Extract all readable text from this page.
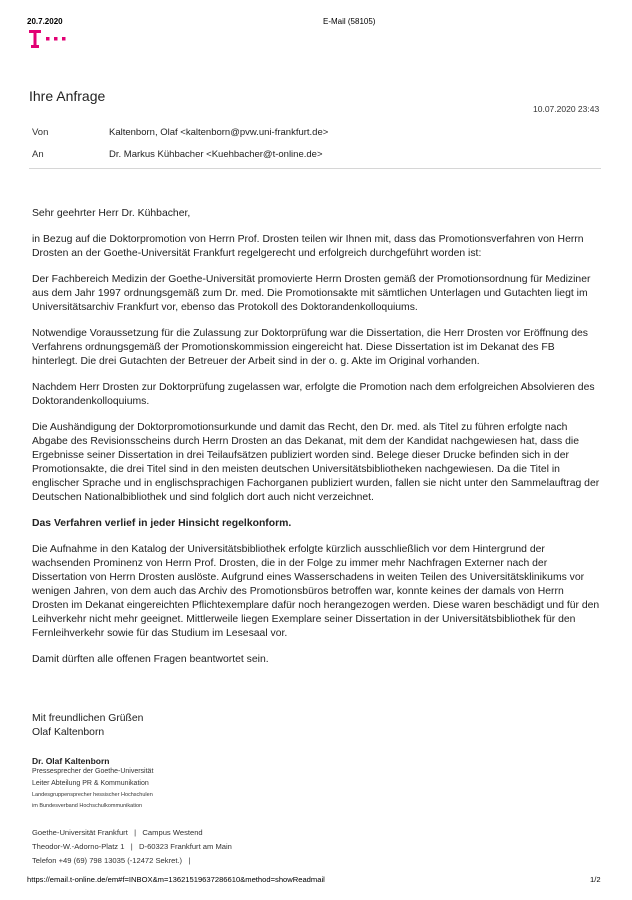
20.7.2020	E-Mail (58105)
Ihre Anfrage
10.07.2020 23:43
Von	Kaltenborn, Olaf <kaltenborn@pvw.uni-frankfurt.de>
An	Dr. Markus Kühbacher <Kuehbacher@t-online.de>

Sehr geehrter Herr Dr. Kühbacher,

in Bezug auf die Doktorpromotion von Herrn Prof. Drosten teilen wir Ihnen mit, dass das Promotionsverfahren von Herrn Drosten an der Goethe-Universität Frankfurt regelgerecht und erfolgreich durchgeführt worden ist:

Der Fachbereich Medizin der Goethe-Universität promovierte Herrn Drosten gemäß der Promotionsordnung für Mediziner aus dem Jahr 1997 ordnungsgemäß zum Dr. med. Die Promotionsakte mit sämtlichen Unterlagen und Gutachten liegt im Universitätsarchiv Frankfurt vor, ebenso das Protokoll des Doktorandenkolloquiums.

Notwendige Voraussetzung für die Zulassung zur Doktorprüfung war die Dissertation, die Herr Drosten vor Eröffnung des Verfahrens ordnungsgemäß der Promotionskommission eingereicht hat. Diese Dissertation ist im Dekanat des FB hinterlegt. Die drei Gutachten der Betreuer der Arbeit sind in der o. g. Akte im Original vorhanden.

Nachdem Herr Drosten zur Doktorprüfung zugelassen war, erfolgte die Promotion nach dem erfolgreichen Absolvieren des Doktorandenkolloquiums.

Die Aushändigung der Doktorpromotionsurkunde und damit das Recht, den Dr. med. als Titel zu führen erfolgte nach Abgabe des Revisionsscheins durch Herrn Drosten an das Dekanat, mit dem der Kandidat nachgewiesen hat, dass die Ergebnisse seiner Dissertation in drei Teilaufsätzen publiziert worden sind. Belege dieser Drucke befinden sich in der Promotionsakte, die drei Titel sind in den meisten deutschen Universitätsbibliotheken nachgewiesen. Da die Titel in englischer Sprache und in englischsprachigen Fachorganen publiziert wurden, fallen sie nicht unter den Sammelauftrag der Deutschen Nationalbibliothek und sind folglich dort auch nicht verzeichnet.

Das Verfahren verlief in jeder Hinsicht regelkonform.

Die Aufnahme in den Katalog der Universitätsbibliothek erfolgte kürzlich ausschließlich vor dem Hintergrund der wachsenden Prominenz von Herrn Prof. Drosten, die in der Folge zu immer mehr Nachfragen Externer nach der Dissertation von Herrn Drosten auslöste. Aufgrund eines Wasserschadens in weiten Teilen des Universitätsklinikums vor wenigen Jahren, von dem auch das Archiv des Promotionsbüros betroffen war, konnte keines der damals von Herrn Drosten im Dekanat eingereichten Pflichtexemplare dafür noch herangezogen werden. Diese waren beschädigt und für den Leihverkehr nicht mehr geeignet. Mittlerweile liegen Exemplare seiner Dissertation in der Universitätsbibliothek für den Fernleihverkehr sowie für das Studium im Lesesaal vor.

Damit dürften alle offenen Fragen beantwortet sein.

Mit freundlichen Grüßen
Olaf Kaltenborn
Dr. Olaf Kaltenborn
Pressesprecher der Goethe-Universität
Leiter Abteilung PR & Kommunikation
Landesgruppensprecher hessischer Hochschulen
im Bundesverband Hochschulkommunikation
Goethe-Universität Frankfurt   |   Campus Westend
Theodor-W.-Adorno-Platz 1   |   D-60323 Frankfurt am Main
Telefon +49 (69) 798 13035 (-12472 Sekret.)   |
https://email.t-online.de/em#f=INBOX&m=1362151963728661​0&method=showReadmail	1/2
